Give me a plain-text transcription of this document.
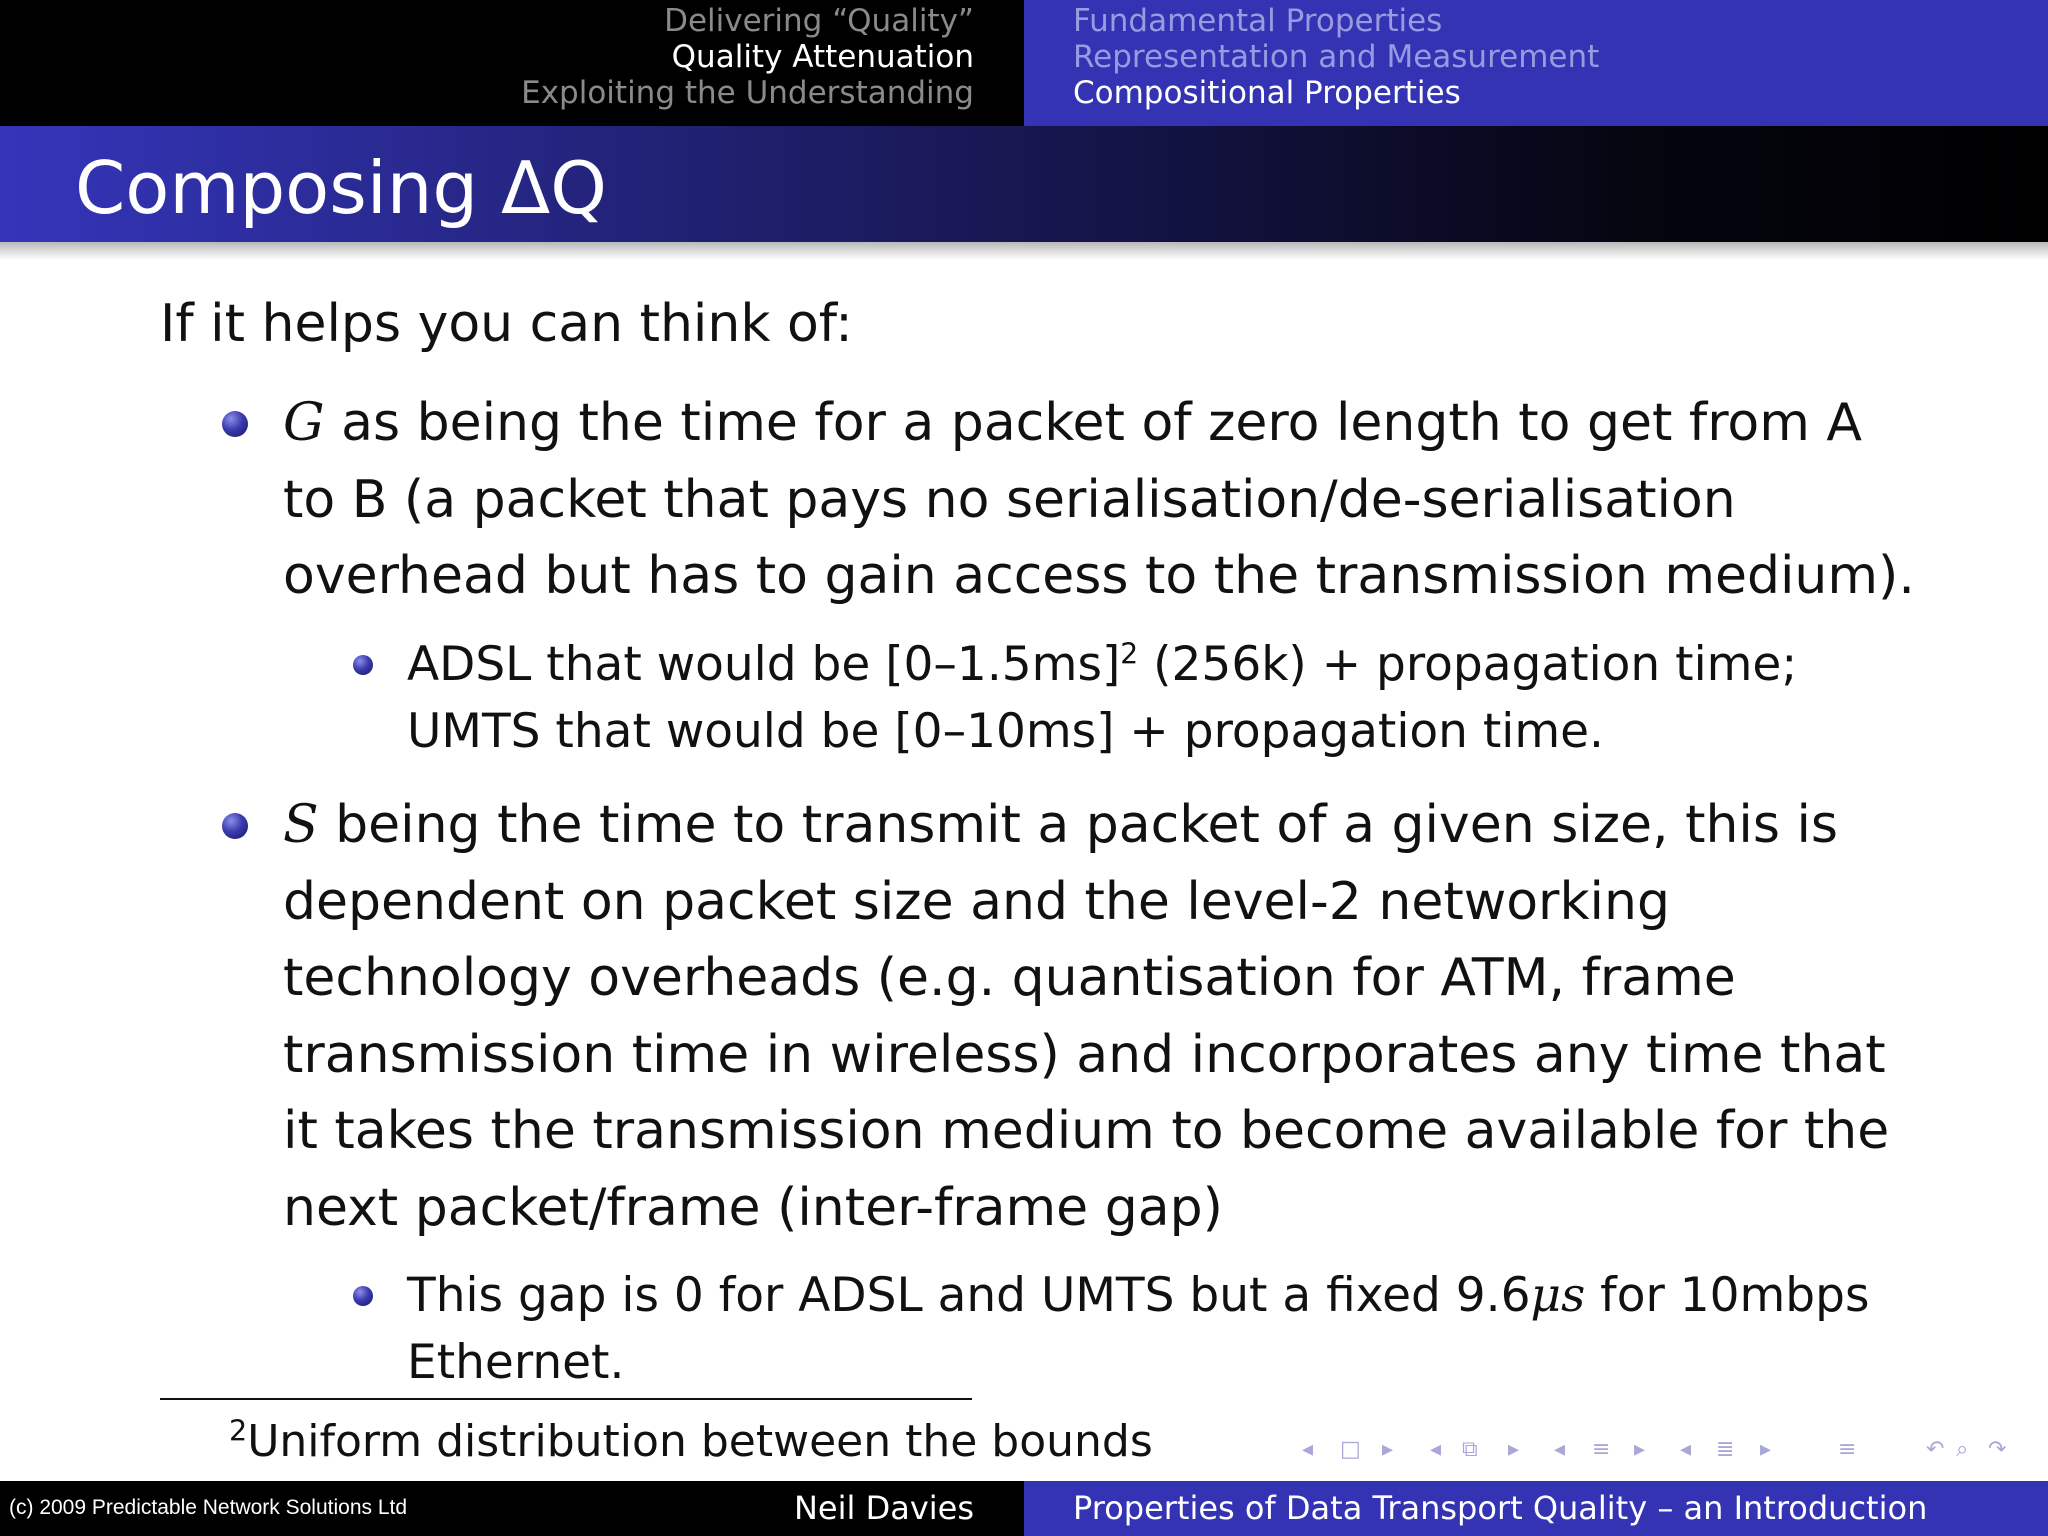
Delivering “Quality”
Quality Attenuation
Exploiting the Understanding
Fundamental Properties
Representation and Measurement
Compositional Properties
Composing ΔQ
If it helps you can think of:

G as being the time for a packet of zero length to get from A to B (a packet that pays no serialisation/de-serialisation overhead but has to gain access to the transmission medium).

ADSL that would be $[0-1.5ms]^2$ (256k) + propagation time;
UMTS that would be [0–10ms] + propagation time.

S being the time to transmit a packet of a given size, this is dependent on packet size and the level-2 networking technology overheads (e.g. quantisation for ATM, frame transmission time in wireless) and incorporates any time that it takes the transmission medium to become available for the next packet/frame (inter-frame gap)

This gap is 0 for ADSL and UMTS but a fixed 9.6μs for 10mbps Ethernet.

$^2$Uniform distribution between the bounds	◂ □ ▸ ◂ ⧉ ▸ ◂ ≡ ▸ ◂ ≣ ▸	≡	↶ ⌕ ↷
(c) 2009 Predictable Network Solutions Ltd	Neil Davies	Properties of Data Transport Quality – an Introduction
